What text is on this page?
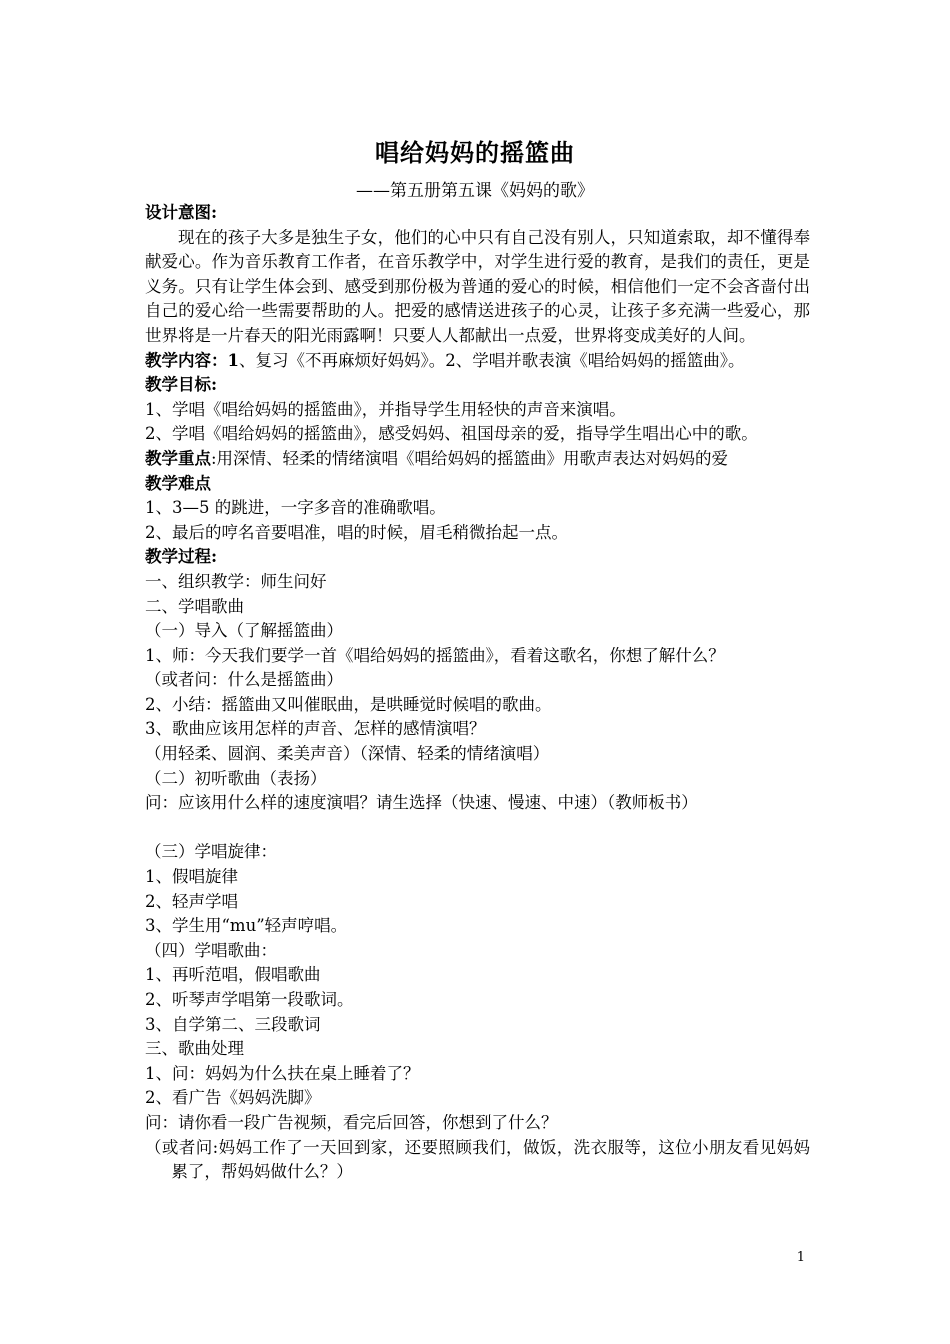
唱给妈妈的摇篮曲
——第五册第五课《妈妈的歌》
设计意图:
现在的孩子大多是独生子女，他们的心中只有自己没有别人，只知道索取，却不懂得奉献爱心。作为音乐教育工作者，在音乐教学中，对学生进行爱的教育，是我们的责任，更是义务。只有让学生体会到、感受到那份极为普通的爱心的时候，相信他们一定不会吝啬付出自己的爱心给一些需要帮助的人。把爱的感情送进孩子的心灵，让孩子多充满一些爱心，那世界将是一片春天的阳光雨露啊！只要人人都献出一点爱，世界将变成美好的人间。
教学内容：1、复习《不再麻烦好妈妈》。2、学唱并歌表演《唱给妈妈的摇篮曲》。
教学目标:
1、学唱《唱给妈妈的摇篮曲》，并指导学生用轻快的声音来演唱。
2、学唱《唱给妈妈的摇篮曲》，感受妈妈、祖国母亲的爱，指导学生唱出心中的歌。
教学重点:用深情、轻柔的情绪演唱《唱给妈妈的摇篮曲》用歌声表达对妈妈的爱
教学难点
1、3—5 的跳进，一字多音的准确歌唱。
2、最后的哼名音要唱准，唱的时候，眉毛稍微抬起一点。
教学过程:
一、组织教学：师生问好
二、学唱歌曲
（一）导入（了解摇篮曲）
1、师：今天我们要学一首《唱给妈妈的摇篮曲》，看着这歌名，你想了解什么？
（或者问：什么是摇篮曲）
2、小结：摇篮曲又叫催眠曲，是哄睡觉时候唱的歌曲。
3、歌曲应该用怎样的声音、怎样的感情演唱？
（用轻柔、圆润、柔美声音）（深情、轻柔的情绪演唱）
（二）初听歌曲（表扬）
问：应该用什么样的速度演唱？请生选择（快速、慢速、中速）（教师板书）
（三）学唱旋律：
1、假唱旋律
2、轻声学唱
3、学生用“mu”轻声哼唱。
（四）学唱歌曲：
1、再听范唱，假唱歌曲
2、听琴声学唱第一段歌词。
3、自学第二、三段歌词
三、歌曲处理
1、问：妈妈为什么扶在桌上睡着了？
2、看广告《妈妈洗脚》
问：请你看一段广告视频，看完后回答，你想到了什么？
（或者问:妈妈工作了一天回到家，还要照顾我们，做饭，洗衣服等，这位小朋友看见妈妈累了，帮妈妈做什么？）
1
